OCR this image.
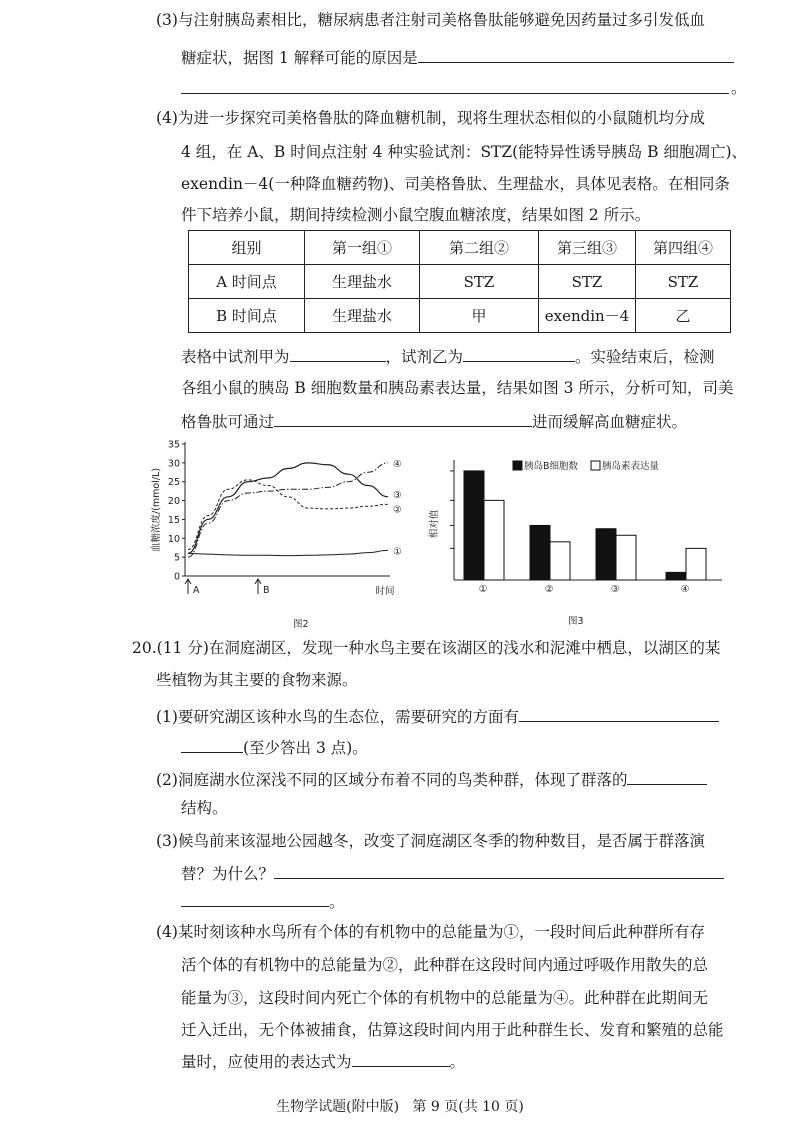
(3)与注射胰岛素相比，糖尿病患者注射司美格鲁肽能够避免因药量过多引发低血
糖症状，据图 1 解释可能的原因是
。
(4)为进一步探究司美格鲁肽的降血糖机制，现将生理状态相似的小鼠随机均分成
4 组，在 A、B 时间点注射 4 种实验试剂：STZ(能特异性诱导胰岛 B 细胞凋亡)、
exendin－4(一种降血糖药物)、司美格鲁肽、生理盐水，具体见表格。在相同条
件下培养小鼠，期间持续检测小鼠空腹血糖浓度，结果如图 2 所示。
组别	第一组①	第二组②	第三组③	第四组④
A 时间点	生理盐水	STZ	STZ	STZ
B 时间点	生理盐水	甲	exendin－4	乙
表格中试剂甲为	，试剂乙为	。实验结束后，检测
各组小鼠的胰岛 B 细胞数量和胰岛素表达量，结果如图 3 所示，分析可知，司美
格鲁肽可通过	进而缓解高血糖症状。
0
5
10
15
20
25
30
35
血糖浓度/(mmol/L)
时间
A	B
①
②
③
④
图2
相对值
①	②	③	④
胰岛B细胞数	胰岛素表达量
图3
20.(11 分)在洞庭湖区，发现一种水鸟主要在该湖区的浅水和泥滩中栖息，以湖区的某
些植物为其主要的食物来源。
(1)要研究湖区该种水鸟的生态位，需要研究的方面有
(至少答出 3 点)。
(2)洞庭湖水位深浅不同的区域分布着不同的鸟类种群，体现了群落的
结构。
(3)候鸟前来该湿地公园越冬，改变了洞庭湖区冬季的物种数目，是否属于群落演
替？为什么？
。
(4)某时刻该种水鸟所有个体的有机物中的总能量为①，一段时间后此种群所有存
活个体的有机物中的总能量为②，此种群在这段时间内通过呼吸作用散失的总
能量为③，这段时间内死亡个体的有机物中的总能量为④。此种群在此期间无
迁入迁出，无个体被捕食，估算这段时间内用于此种群生长、发育和繁殖的总能
量时，应使用的表达式为	。
生物学试题(附中版) 第 9 页(共 10 页)
